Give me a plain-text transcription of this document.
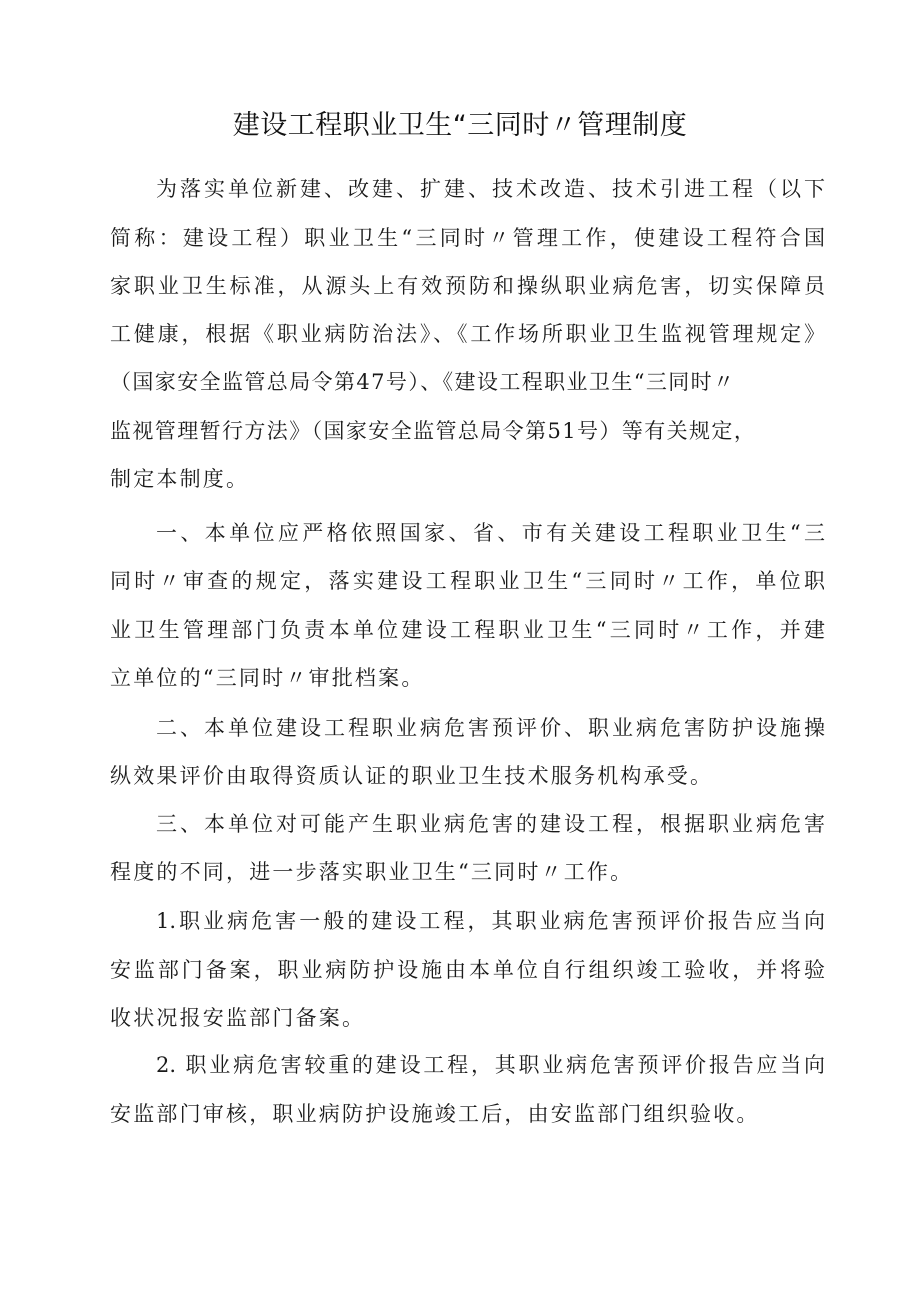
建设工程职业卫生“三同时〃管理制度
为落实单位新建、改建、扩建、技术改造、技术引进工程（以下
简称：建设工程）职业卫生“三同时〃管理工作，使建设工程符合国
家职业卫生标准，从源头上有效预防和操纵职业病危害，切实保障员
工健康，根据《职业病防治法》、《工作场所职业卫生监视管理规定》
（国家安全监管总局令第47号）、《建设工程职业卫生“三同时〃
监视管理暂行方法》（国家安全监管总局令第51号）等有关规定，
制定本制度。
一、本单位应严格依照国家、省、市有关建设工程职业卫生“三
同时〃审查的规定，落实建设工程职业卫生“三同时〃工作，单位职
业卫生管理部门负责本单位建设工程职业卫生“三同时〃工作，并建
立单位的“三同时〃审批档案。
二、本单位建设工程职业病危害预评价、职业病危害防护设施操
纵效果评价由取得资质认证的职业卫生技术服务机构承受。
三、本单位对可能产生职业病危害的建设工程，根据职业病危害
程度的不同，进一步落实职业卫生“三同时〃工作。
1.职业病危害一般的建设工程，其职业病危害预评价报告应当向
安监部门备案，职业病防护设施由本单位自行组织竣工验收，并将验
收状况报安监部门备案。
2. 职业病危害较重的建设工程，其职业病危害预评价报告应当向
安监部门审核，职业病防护设施竣工后，由安监部门组织验收。
